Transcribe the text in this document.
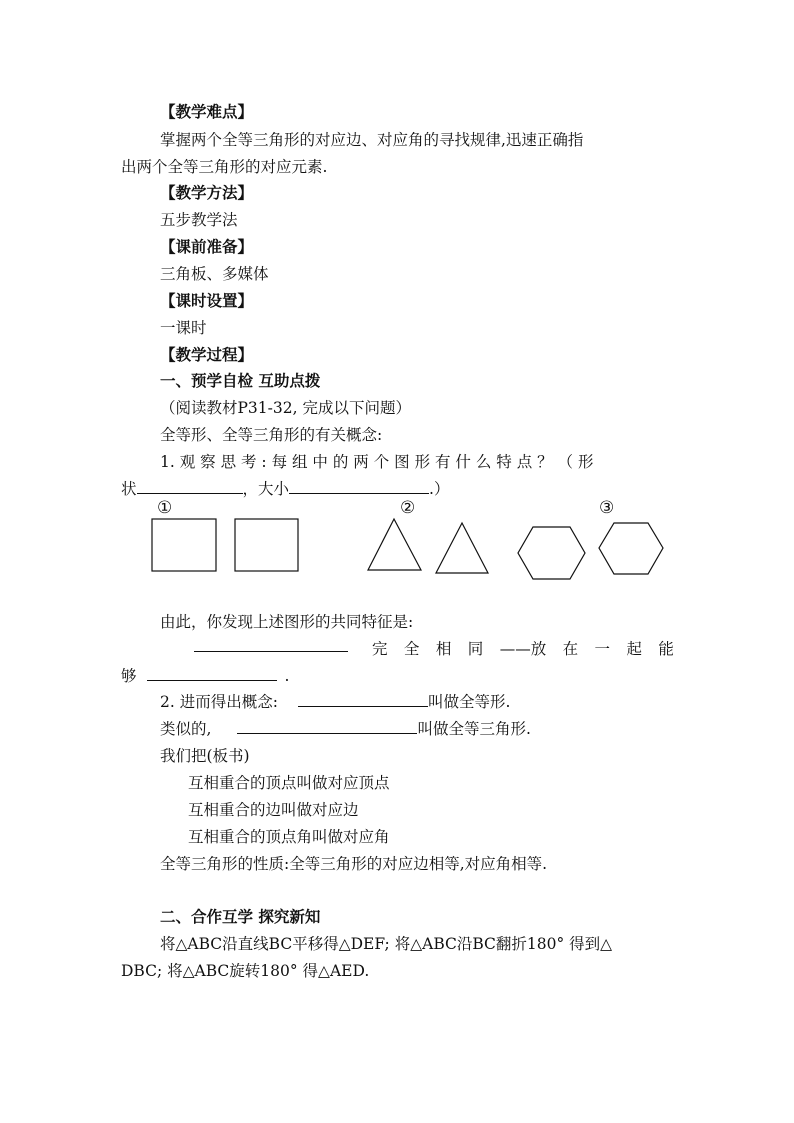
【教学难点】
掌握两个全等三角形的对应边、对应角的寻找规律,迅速正确指
出两个全等三角形的对应元素.
【教学方法】
五步教学法
【课前准备】
三角板、多媒体
【课时设置】
一课时
【教学过程】
一、预学自检 互助点拨
（阅读教材P31-32, 完成以下问题）
全等形、全等三角形的有关概念:
1. 观 察 思 考 : 每 组 中 的 两 个 图 形 有 什 么 特 点 ？ （ 形
状	，大小	.）
①	②	③
由此，你发现上述图形的共同特征是:
完 全 相 同 ——放 在 一 起 能
够	.
2. 进而得出概念:	叫做全等形.
类似的,	叫做全等三角形.
我们把(板书)
互相重合的顶点叫做对应顶点
互相重合的边叫做对应边
互相重合的顶点角叫做对应角
全等三角形的性质:全等三角形的对应边相等,对应角相等.
二、合作互学 探究新知
将△ABC沿直线BC平移得△DEF; 将△ABC沿BC翻折180° 得到△
DBC; 将△ABC旋转180° 得△AED.
